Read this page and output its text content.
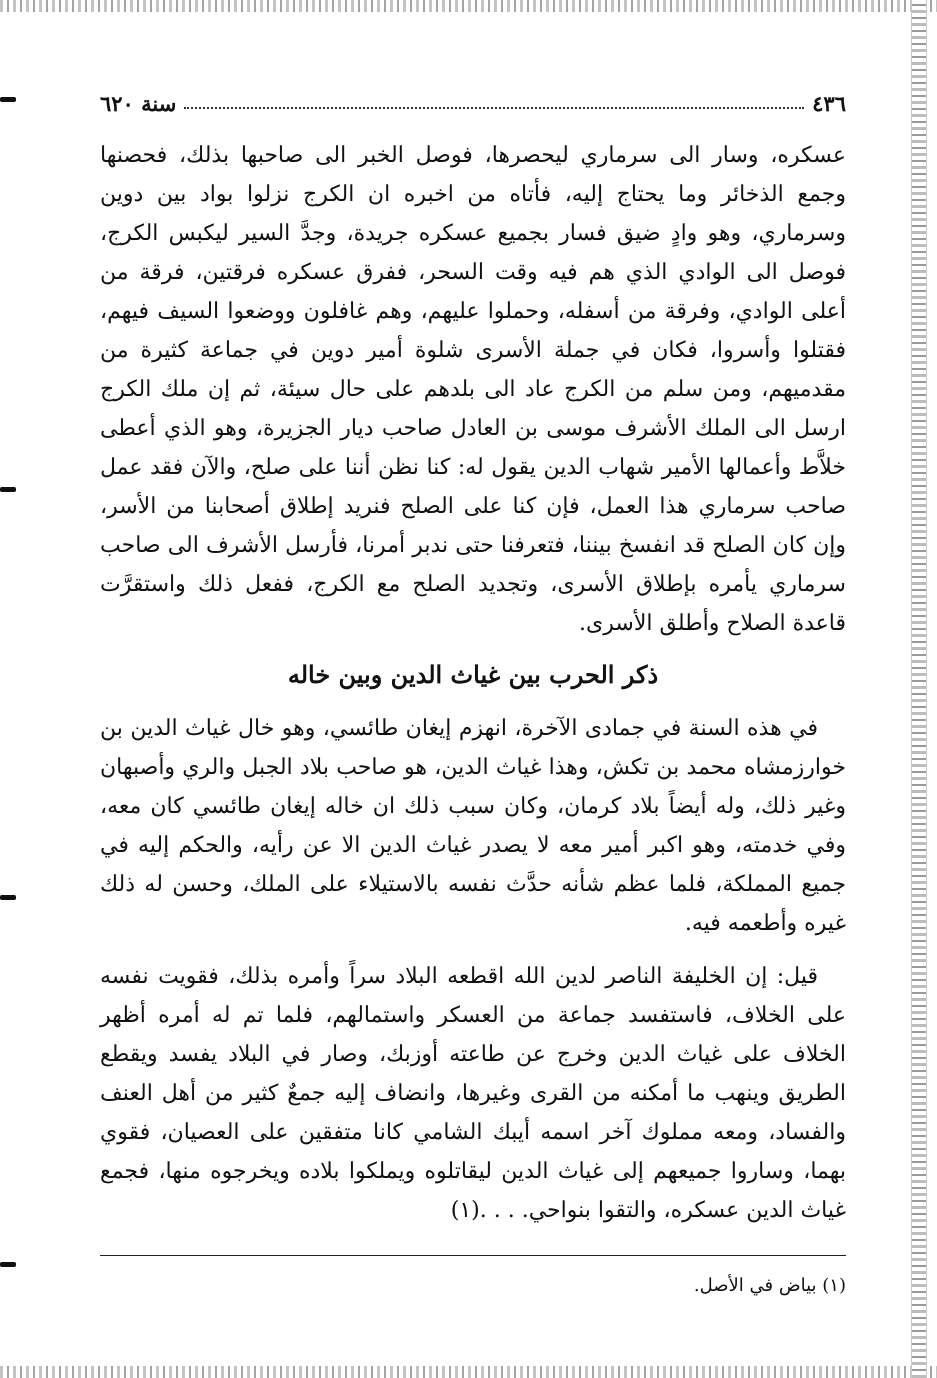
٤٣٦
سنة ٦٢٠

عسكره، وسار الى سرماري ليحصرها، فوصل الخبر الى صاحبها بذلك، فحصنها وجمع الذخائر وما يحتاج إليه، فأتاه من اخبره ان الكرج نزلوا بواد بين دوين وسرماري، وهو وادٍ ضيق فسار بجميع عسكره جريدة، وجدَّ السير ليكبس الكرج، فوصل الى الوادي الذي هم فيه وقت السحر، ففرق عسكره فرقتين، فرقة من أعلى الوادي، وفرقة من أسفله، وحملوا عليهم، وهم غافلون ووضعوا السيف فيهم، فقتلوا وأسروا، فكان في جملة الأسرى شلوة أمير دوين في جماعة كثيرة من مقدميهم، ومن سلم من الكرج عاد الى بلدهم على حال سيئة، ثم إن ملك الكرج ارسل الى الملك الأشرف موسى بن العادل صاحب ديار الجزيرة، وهو الذي أعطى خلاَّط وأعمالها الأمير شهاب الدين يقول له: كنا نظن أننا على صلح، والآن فقد عمل صاحب سرماري هذا العمل، فإن كنا على الصلح فنريد إطلاق أصحابنا من الأسر، وإن كان الصلح قد انفسخ بيننا، فتعرفنا حتى ندبر أمرنا، فأرسل الأشرف الى صاحب سرماري يأمره بإطلاق الأسرى، وتجديد الصلح مع الكرج، ففعل ذلك واستقرَّت قاعدة الصلاح وأطلق الأسرى.

ذكر الحرب بين غياث الدين وبين خاله

في هذه السنة في جمادى الآخرة، انهزم إيغان طائسي، وهو خال غياث الدين بن خوارزمشاه محمد بن تكش، وهذا غياث الدين، هو صاحب بلاد الجبل والري وأصبهان وغير ذلك، وله أيضاً بلاد كرمان، وكان سبب ذلك ان خاله إيغان طائسي كان معه، وفي خدمته، وهو اكبر أمير معه لا يصدر غياث الدين الا عن رأيه، والحكم إليه في جميع المملكة، فلما عظم شأنه حدَّث نفسه بالاستيلاء على الملك، وحسن له ذلك غيره وأطعمه فيه.

قيل: إن الخليفة الناصر لدين الله اقطعه البلاد سراً وأمره بذلك، فقويت نفسه على الخلاف، فاستفسد جماعة من العسكر واستمالهم، فلما تم له أمره أظهر الخلاف على غياث الدين وخرج عن طاعته أوزبك، وصار في البلاد يفسد ويقطع الطريق وينهب ما أمكنه من القرى وغيرها، وانضاف إليه جمعٌ كثير من أهل العنف والفساد، ومعه مملوك آخر اسمه أيبك الشامي كانا متفقين على العصيان، فقوي بهما، وساروا جميعهم إلى غياث الدين ليقاتلوه ويملكوا بلاده ويخرجوه منها، فجمع غياث الدين عسكره، والتقوا بنواحي. . . .(١)

(١) بياض في الأصل.
